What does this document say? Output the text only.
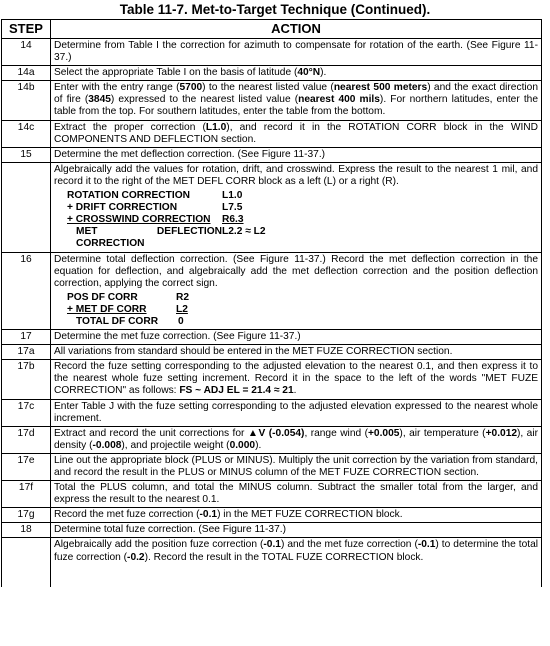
Table 11-7. Met-to-Target Technique (Continued).
STEP	ACTION
14	Determine from Table I the correction for azimuth to compensate for rotation of the earth. (See Figure 11-37.)
14a	Select the appropriate Table I on the basis of latitude (40°N).
14b	Enter with the entry range (5700) to the nearest listed value (nearest 500 meters) and the exact direction of fire (3845) expressed to the nearest listed value (nearest 400 mils). For northern latitudes, enter the table from the top. For southern latitudes, enter the table from the bottom.
14c	Extract the proper correction (L1.0), and record it in the ROTATION CORR block in the WIND COMPONENTS AND DEFLECTION section.
15	Determine the met deflection correction. (See Figure 11-37.)

Algebraically add the values for rotation, drift, and crosswind. Express the result to the nearest 1 mil, and record it to the right of the MET DEFL CORR block as a left (L) or a right (R).
ROTATION CORRECTION	L1.0
+ DRIFT CORRECTION	L7.5
+ CROSSWIND CORRECTION	R6.3
MET DEFLECTION CORRECTION	L2.2 ≈ L2

16	Determine total deflection correction. (See Figure 11-37.) Record the met deflection correction in the equation for deflection, and algebraically add the met deflection correction and the position deflection correction, applying the correct sign.
POS DF CORR	R2
+ MET DF CORR	L2
TOTAL DF CORR	0

17	Determine the met fuze correction. (See Figure 11-37.)
17a	All variations from standard should be entered in the MET FUZE CORRECTION section.
17b	Record the fuze setting corresponding to the adjusted elevation to the nearest 0.1, and then express it to the nearest whole fuze setting increment. Record it in the space to the left of the words "MET FUZE CORRECTION" as follows: FS ~ ADJ EL = 21.4 ≈ 21.
17c	Enter Table J with the fuze setting corresponding to the adjusted elevation expressed to the nearest whole increment.
17d	Extract and record the unit corrections for ▲V (-0.054), range wind (+0.005), air temperature (+0.012), air density (-0.008), and projectile weight (0.000).
17e	Line out the appropriate block (PLUS or MINUS). Multiply the unit correction by the variation from standard, and record the result in the PLUS or MINUS column of the MET FUZE CORRECTION section.
17f	Total the PLUS column, and total the MINUS column. Subtract the smaller total from the larger, and express the result to the nearest 0.1.
17g	Record the met fuze correction (-0.1) in the MET FUZE CORRECTION block.
18	Determine total fuze correction. (See Figure 11-37.)

Algebraically add the position fuze correction (-0.1) and the met fuze correction (-0.1) to determine the total fuze correction (-0.2). Record the result in the TOTAL FUZE CORRECTION block.
